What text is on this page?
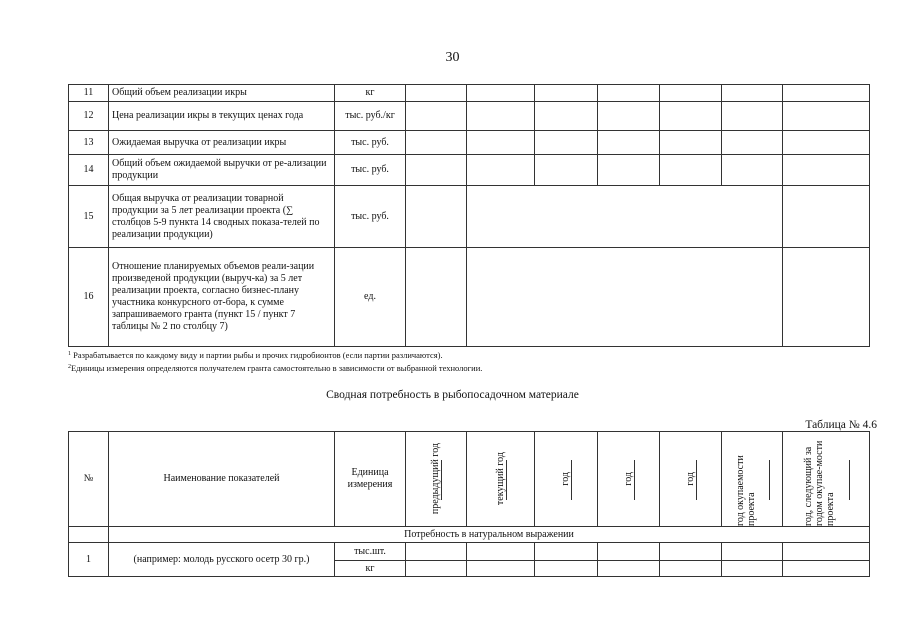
30
11	Общий объем реализации икры	кг							
12	Цена реализации икры в текущих ценах года	тыс. руб./кг							
13	Ожидаемая выручка от реализации икры	тыс. руб.							
14	Общий объем ожидаемой выручки от ре-ализации продукции	тыс. руб.							
15	Общая выручка от реализации товарной продукции за 5 лет реализации проекта (∑ столбцов 5-9 пункта 14 сводных показа-телей по реализации продукции)	тыс. руб.							
16	Отношение планируемых объемов реали-зации произведеной продукции (выруч-ка) за 5 лет реализации проекта, согласно бизнес-плану участника конкурсного от-бора, к сумме запрашиваемого гранта (пункт 15 / пункт 7 таблицы № 2 по столбцу 7)	ед.							
$^1$ Разрабатывается по каждому виду и партии рыбы и прочих гидробионтов (если партии различаются).
$^2$Единицы измерения определяются получателем гранта самостоятельно в зависимости от выбранной технологии.
Сводная потребность в рыбопосадочном материале
Таблица № 4.6
№	Наименование показателей	Единица измерения	предыдущий год	текущий год	год	год	год	год окупаемости проекта	год, следующий за годом окупае-мости проекта

	Потребность в натуральном выражении								
1	(например: молодь русского осетр 30 гр.)	тыс.шт.							
		кг							
